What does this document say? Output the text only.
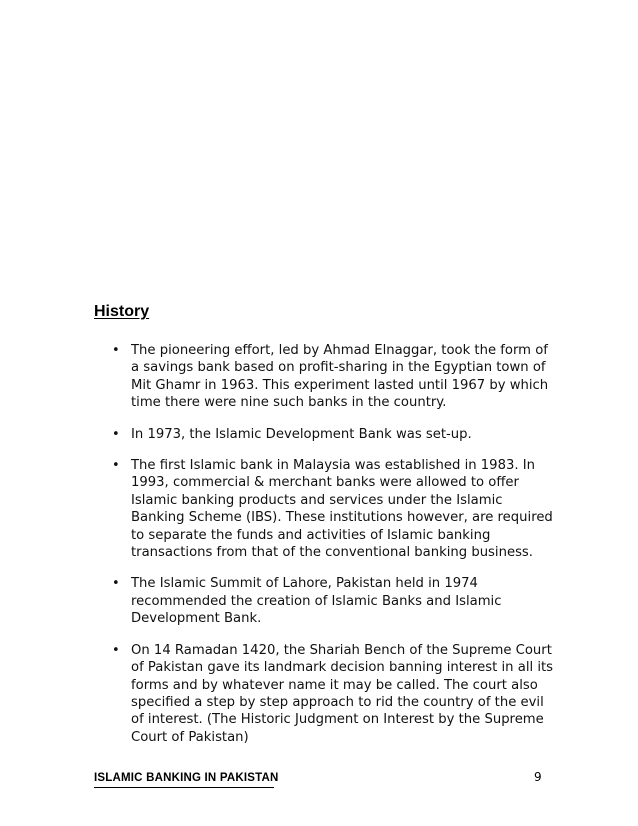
History
• The pioneering effort, led by Ahmad Elnaggar, took the form of a savings bank based on profit-sharing in the Egyptian town of Mit Ghamr in 1963. This experiment lasted until 1967 by which time there were nine such banks in the country.
• In 1973, the Islamic Development Bank was set-up.
• The first Islamic bank in Malaysia was established in 1983. In 1993, commercial & merchant banks were allowed to offer Islamic banking products and services under the Islamic Banking Scheme (IBS). These institutions however, are required to separate the funds and activities of Islamic banking transactions from that of the conventional banking business.
• The Islamic Summit of Lahore, Pakistan held in 1974 recommended the creation of Islamic Banks and Islamic Development Bank.
• On 14 Ramadan 1420, the Shariah Bench of the Supreme Court of Pakistan gave its landmark decision banning interest in all its forms and by whatever name it may be called. The court also specified a step by step approach to rid the country of the evil of interest. (The Historic Judgment on Interest by the Supreme Court of Pakistan)
ISLAMIC BANKING IN PAKISTAN	9
